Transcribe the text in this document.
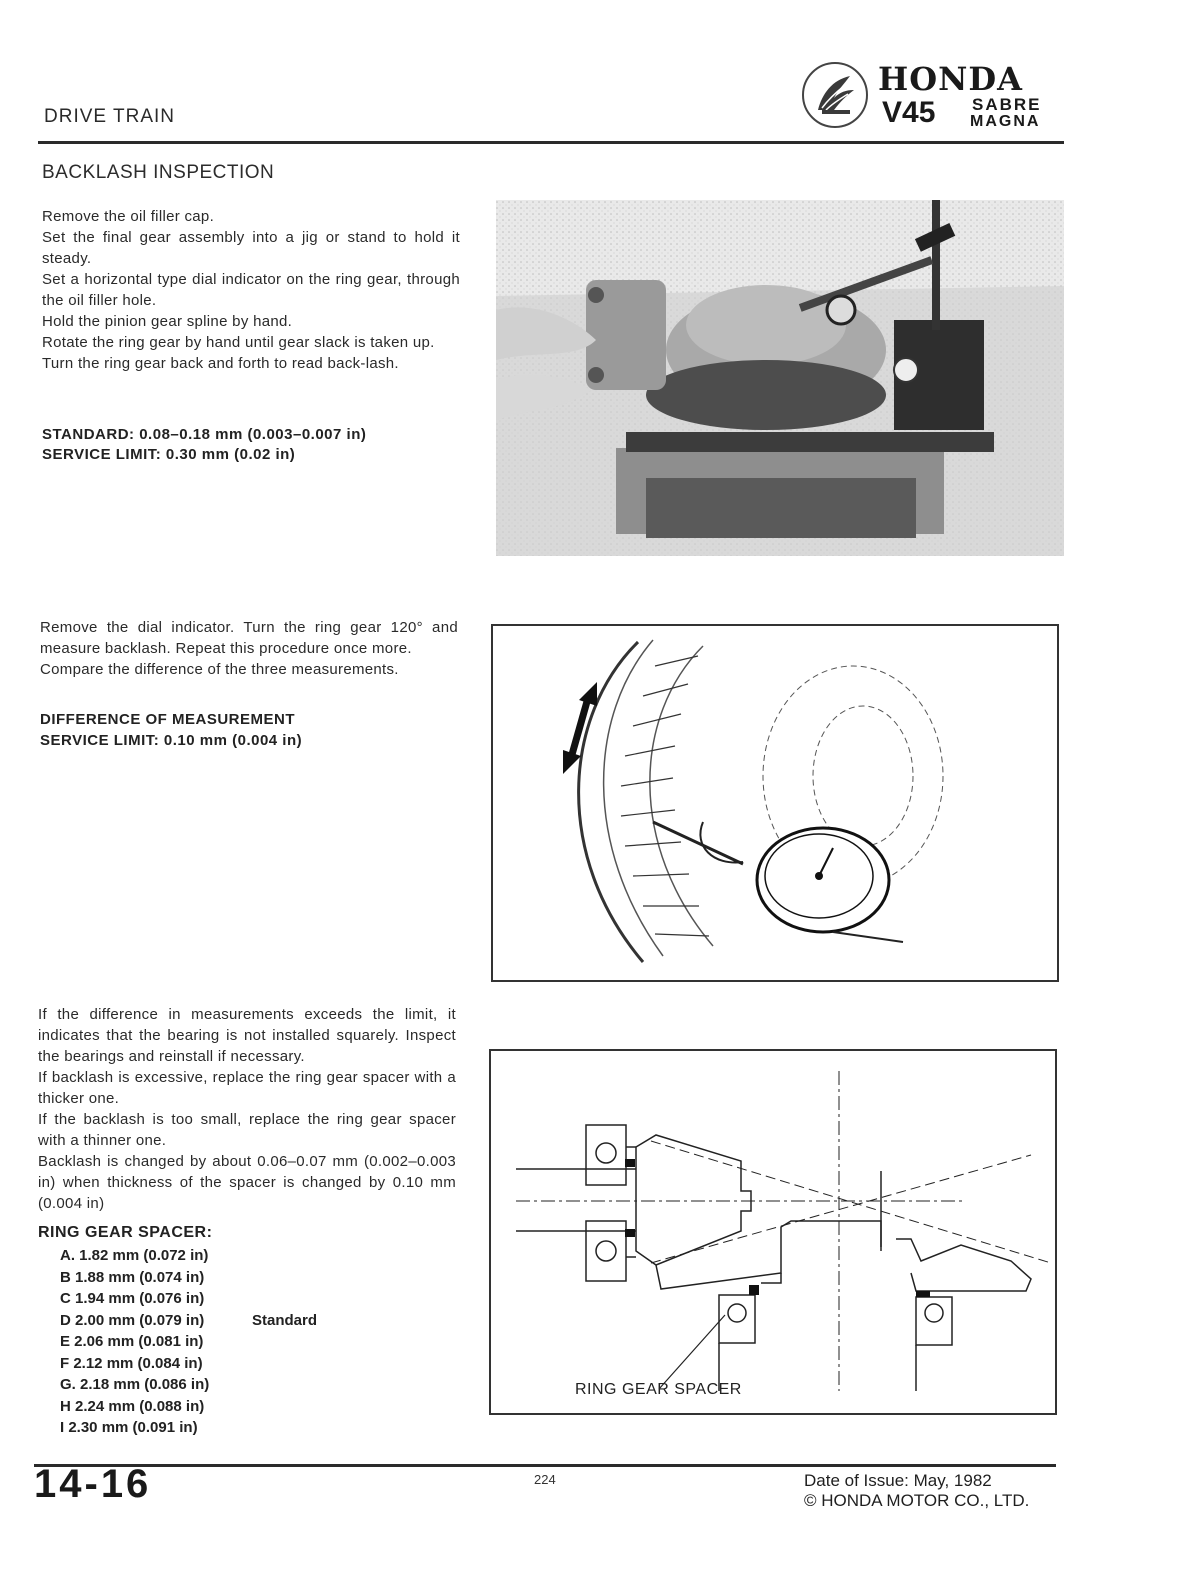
DRIVE TRAIN
HONDA
V45 SABRE
MAGNA
BACKLASH INSPECTION

Remove the oil filler cap.

Set the final gear assembly into a jig or stand to hold it steady.

Set a horizontal type dial indicator on the ring gear, through the oil filler hole.

Hold the pinion gear spline by hand.

Rotate the ring gear by hand until gear slack is taken up.

Turn the ring gear back and forth to read back-lash.

STANDARD: 0.08–0.18 mm (0.003–0.007 in)
SERVICE LIMIT: 0.30 mm (0.02 in)

Remove the dial indicator. Turn the ring gear 120° and measure backlash. Repeat this procedure once more.

Compare the difference of the three measurements.

DIFFERENCE OF MEASUREMENT
SERVICE LIMIT: 0.10 mm (0.004 in)

If the difference in measurements exceeds the limit, it indicates that the bearing is not installed squarely. Inspect the bearings and reinstall if necessary.

If backlash is excessive, replace the ring gear spacer with a thicker one.

If the backlash is too small, replace the ring gear spacer with a thinner one.

Backlash is changed by about 0.06–0.07 mm (0.002–0.003 in) when thickness of the spacer is changed by 0.10 mm (0.004 in)

RING GEAR SPACER:
A. 1.82 mm (0.072 in)
B 1.88 mm (0.074 in)
C 1.94 mm (0.076 in)
D 2.00 mm (0.079 in)	Standard
E 2.06 mm (0.081 in)
F 2.12 mm (0.084 in)
G. 2.18 mm (0.086 in)
H 2.24 mm (0.088 in)
I 2.30 mm (0.091 in)
RING GEAR SPACER
14-16	224	Date of Issue: May, 1982
© HONDA MOTOR CO., LTD.
